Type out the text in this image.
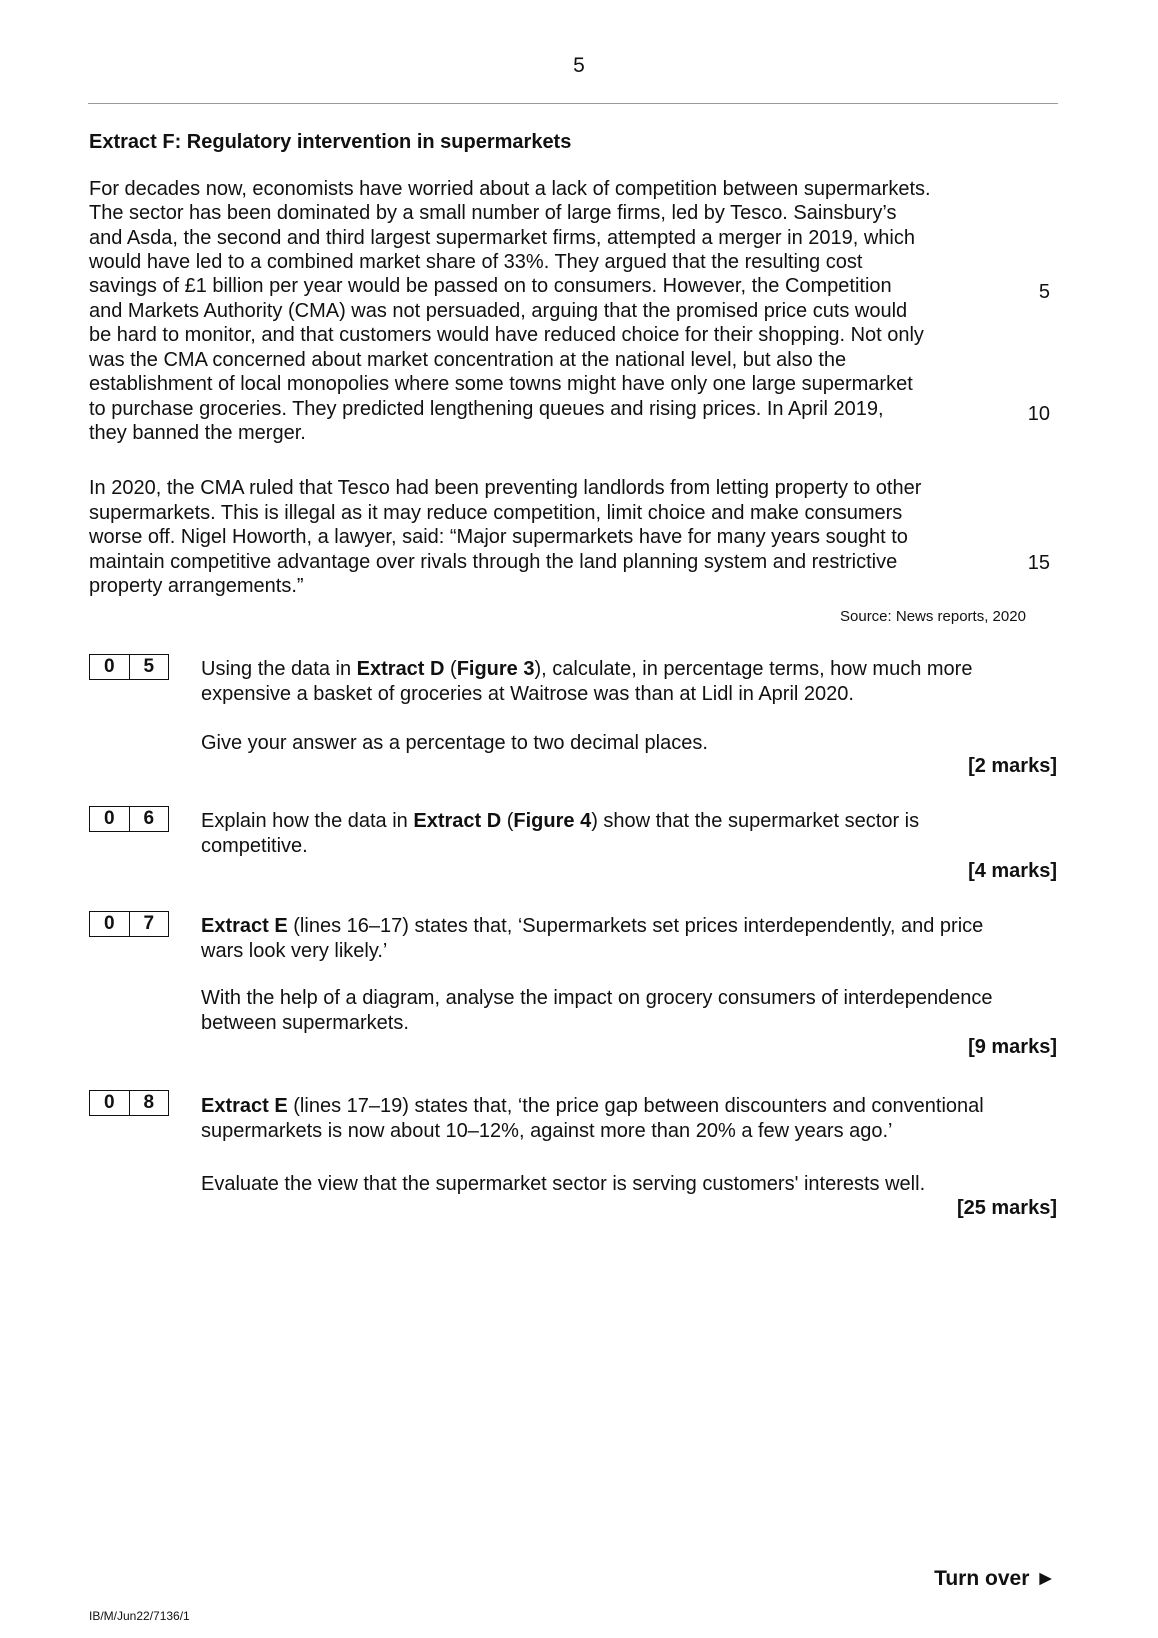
5
Extract F: Regulatory intervention in supermarkets
For decades now, economists have worried about a lack of competition between supermarkets.
The sector has been dominated by a small number of large firms, led by Tesco. Sainsbury’s
and Asda, the second and third largest supermarket firms, attempted a merger in 2019, which
would have led to a combined market share of 33%. They argued that the resulting cost
savings of £1 billion per year would be passed on to consumers. However, the Competition
and Markets Authority (CMA) was not persuaded, arguing that the promised price cuts would
be hard to monitor, and that customers would have reduced choice for their shopping. Not only
was the CMA concerned about market concentration at the national level, but also the
establishment of local monopolies where some towns might have only one large supermarket
to purchase groceries. They predicted lengthening queues and rising prices. In April 2019,
they banned the merger.
In 2020, the CMA ruled that Tesco had been preventing landlords from letting property to other
supermarkets. This is illegal as it may reduce competition, limit choice and make consumers
worse off. Nigel Howorth, a lawyer, said: “Major supermarkets have for many years sought to
maintain competitive advantage over rivals through the land planning system and restrictive
property arrangements.”
5
10
15
Source: News reports, 2020
0	5	Using the data in Extract D (Figure 3), calculate, in percentage terms, how much more
expensive a basket of groceries at Waitrose was than at Lidl in April 2020.
Give your answer as a percentage to two decimal places.
[2 marks]
0	6	Explain how the data in Extract D (Figure 4) show that the supermarket sector is
competitive.
[4 marks]
0	7	Extract E (lines 16–17) states that, ‘Supermarkets set prices interdependently, and price
wars look very likely.’
With the help of a diagram, analyse the impact on grocery consumers of interdependence
between supermarkets.
[9 marks]
0	8	Extract E (lines 17–19) states that, ‘the price gap between discounters and conventional
supermarkets is now about 10–12%, against more than 20% a few years ago.’
Evaluate the view that the supermarket sector is serving customers' interests well.
[25 marks]
Turn over ►
IB/M/Jun22/7136/1
